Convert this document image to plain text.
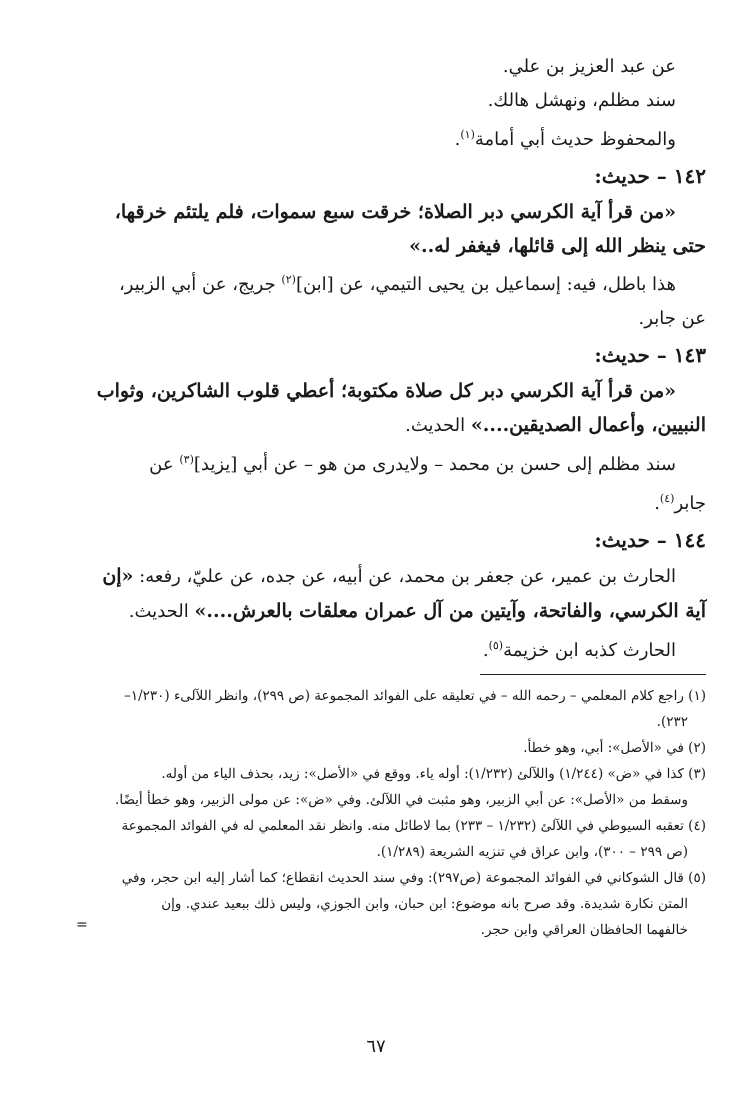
عن عبد العزيز بن علي.

سند مظلم، ونهشل هالك.

والمحفوظ حديث أبي أمامة$^{(١)}$.

١٤٢ – حديث:

«من قرأ آية الكرسي دبر الصلاة؛ خرقت سبع سموات، فلم يلتئم خرقها،

حتى ينظر الله إلى قائلها، فيغفر له..»

هذا باطل، فيه: إسماعيل بن يحيى التيمي، عن [ابن]$^{(٢)}$ جريج، عن أبي الزبير،

عن جابر.

١٤٣ – حديث:

«من قرأ آية الكرسي دبر كل صلاة مكتوبة؛ أعطي قلوب الشاكرين، وثواب

النبيين، وأعمال الصديقين....» الحديث.

سند مظلم إلى حسن بن محمد – ولايدرى من هو – عن أبي [يزيد]$^{(٣)}$ عن

جابر$^{(٤)}$.

١٤٤ – حديث:

الحارث بن عمير، عن جعفر بن محمد، عن أبيه، عن جده، عن عليّ، رفعه: «إن

آية الكرسي، والفاتحة، وآيتين من آل عمران معلقات بالعرش....» الحديث.

الحارث كذبه ابن خزيمة$^{(٥)}$.

(١) راجع كلام المعلمي – رحمه الله – في تعليقه على الفوائد المجموعة (ص ٢٩٩)، وانظر اللآلىء (١/٢٣٠–

٢٣٢).

(٢) في «الأصل»: أبي، وهو خطأ.

(٣) كذا في «ض» (١/٢٤٤) واللآلئ (١/٢٣٢): أوله ياء. ووقع في «الأصل»: زيد، بحذف الياء من أوله.

وسقط من «الأصل»: عن أبي الزبير، وهو مثبت في اللآلئ. وفي «ض»: عن مولى الزبير، وهو خطأ أيضًا.

(٤) تعقبه السيوطي في اللآلئ (١/٢٣٢ – ٢٣٣) بما لاطائل منه. وانظر نقد المعلمي له في الفوائد المجموعة

(ص ٢٩٩ – ٣٠٠)، وابن عراق في تنزيه الشريعة (١/٢٨٩).

(٥) قال الشوكاني في الفوائد المجموعة (ص٢٩٧): وفي سند الحديث انقطاع؛ كما أشار إليه ابن حجر، وفي

المتن نكارة شديدة. وقد صرح بانه موضوع: ابن حبان، وابن الجوزي، وليس ذلك ببعيد عندي. وإن

خالفهما الحافظان العراقي وابن حجر.

=
٦٧
